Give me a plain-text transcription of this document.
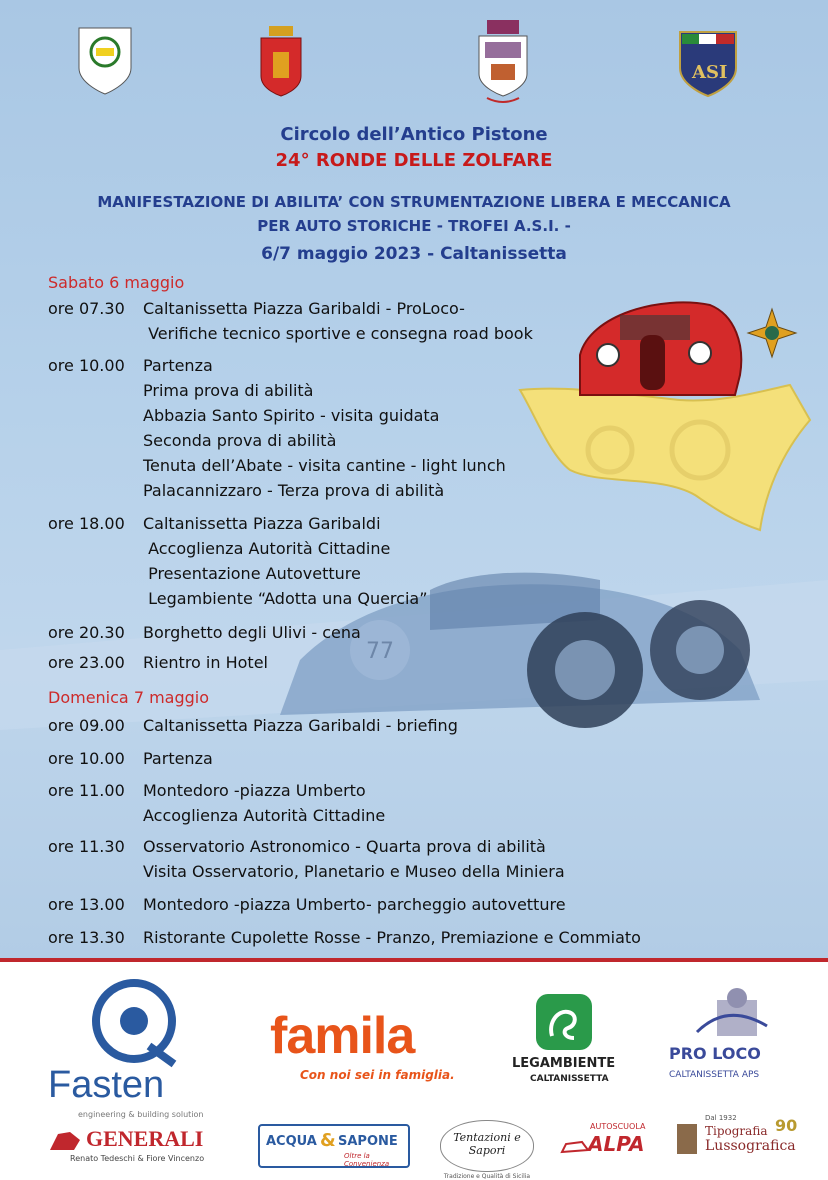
77
ASI
Circolo dell’Antico Pistone
24° RONDE DELLE ZOLFARE
MANIFESTAZIONE DI ABILITA’ CON STRUMENTAZIONE LIBERA E MECCANICA
PER AUTO STORICHE - TROFEI A.S.I. -
6/7 maggio 2023 - Caltanissetta
Sabato 6 maggio
ore 07.30 Caltanissetta Piazza Garibaldi - ProLoco-
Verifiche tecnico sportive e consegna road book
ore 10.00 Partenza
Prima prova di abilità
Abbazia Santo Spirito - visita guidata
Seconda prova di abilità
Tenuta dell’Abate - visita cantine - light lunch
Palacannizzaro - Terza prova di abilità
ore 18.00 Caltanissetta Piazza Garibaldi
Accoglienza Autorità Cittadine
Presentazione Autovetture
Legambiente “Adotta una Quercia”
ore 20.30 Borghetto degli Ulivi - cena
ore 23.00 Rientro in Hotel
Domenica 7 maggio
ore 09.00 Caltanissetta Piazza Garibaldi - briefing
ore 10.00 Partenza
ore 11.00 Montedoro -piazza Umberto
Accoglienza Autorità Cittadine
ore 11.30 Osservatorio Astronomico - Quarta prova di abilità
Visita Osservatorio, Planetario e Museo della Miniera
ore 13.00 Montedoro -piazza Umberto- parcheggio autovetture
ore 13.30 Ristorante Cupolette Rosse - Pranzo, Premiazione e Commiato
Fasten
engineering & building solution
famila
Con noi sei in famiglia.
LEGAMBIENTE
CALTANISSETTA
PRO LOCO
CALTANISSETTA APS
GENERALI
Renato Tedeschi & Fiore Vincenzo
ACQUA & SAPONE
Oltre la Convenienza
Tentazioni e Sapori
Tradizione e Qualità di Sicilia
AUTOSCUOLA
ALPA
Dal 1932
Tipografia
Lussografica
90
